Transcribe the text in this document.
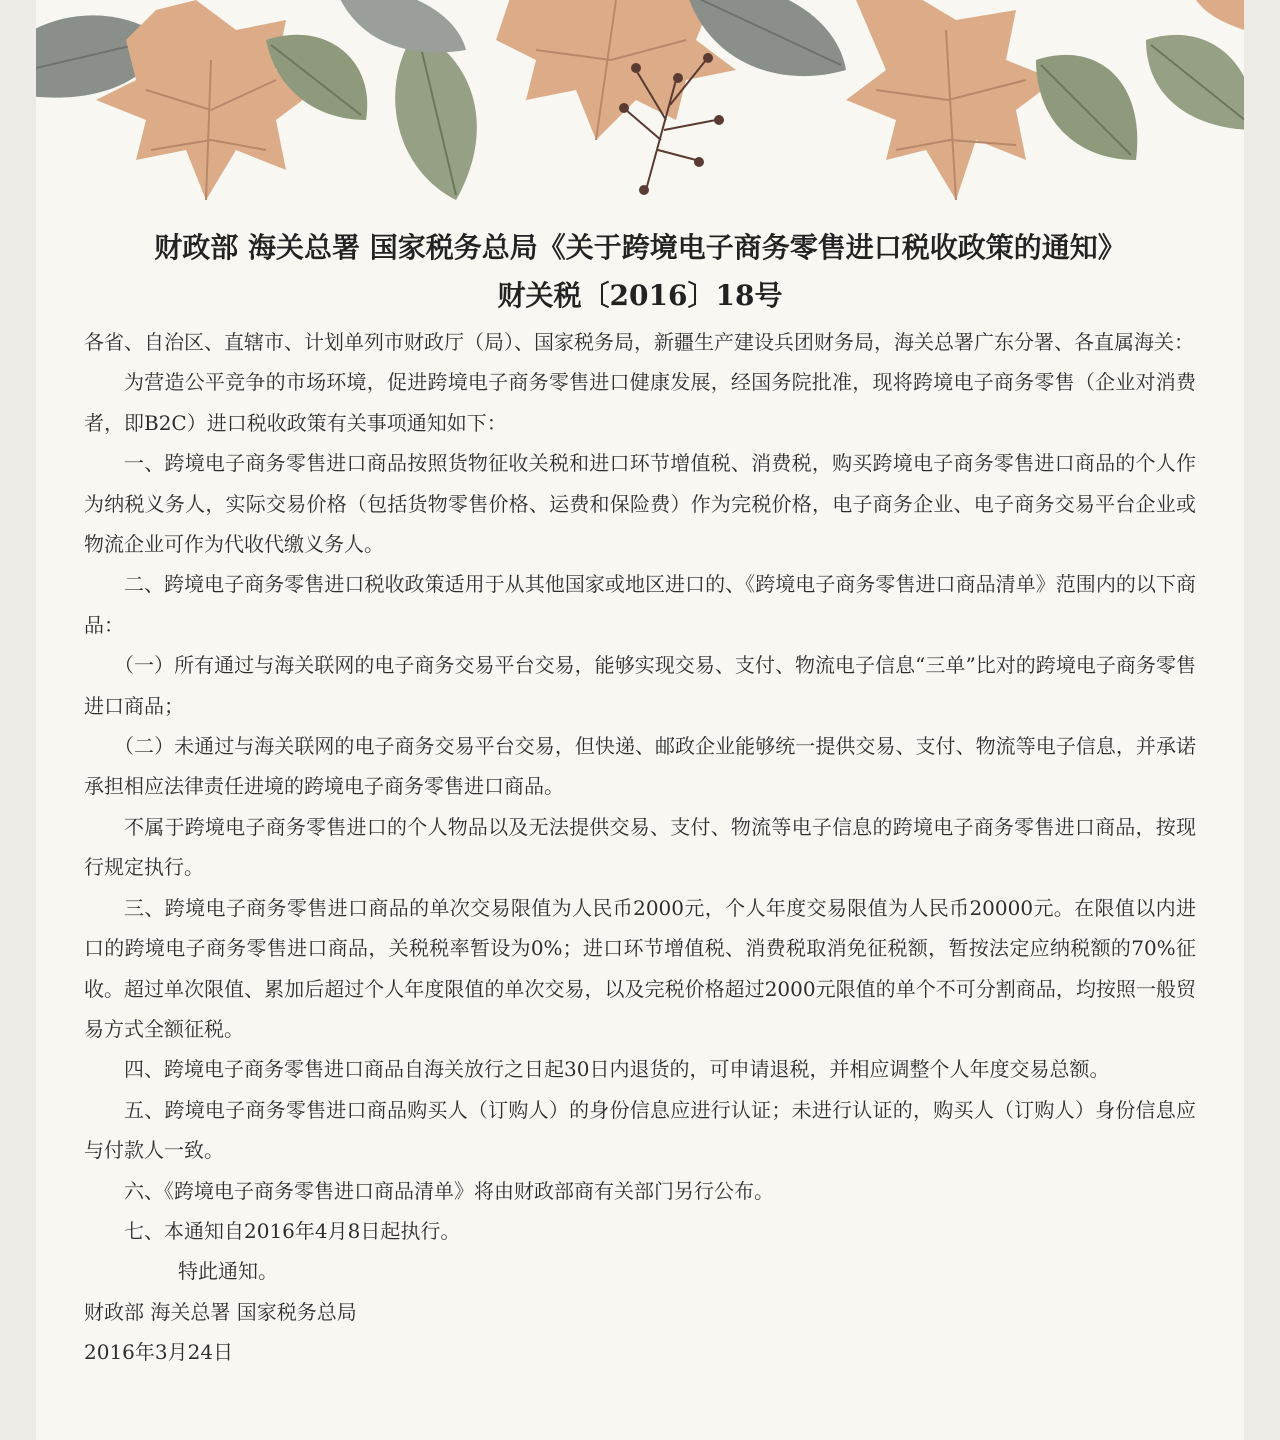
财政部 海关总署 国家税务总局《关于跨境电子商务零售进口税收政策的通知》
财关税〔2016〕18号

各省、自治区、直辖市、计划单列市财政厅（局）、国家税务局，新疆生产建设兵团财务局，海关总署广东分署、各直属海关：

为营造公平竞争的市场环境，促进跨境电子商务零售进口健康发展，经国务院批准，现将跨境电子商务零售（企业对消费者，即B2C）进口税收政策有关事项通知如下：

一、跨境电子商务零售进口商品按照货物征收关税和进口环节增值税、消费税，购买跨境电子商务零售进口商品的个人作为纳税义务人，实际交易价格（包括货物零售价格、运费和保险费）作为完税价格，电子商务企业、电子商务交易平台企业或物流企业可作为代收代缴义务人。

二、跨境电子商务零售进口税收政策适用于从其他国家或地区进口的、《跨境电子商务零售进口商品清单》范围内的以下商品：

（一）所有通过与海关联网的电子商务交易平台交易，能够实现交易、支付、物流电子信息“三单”比对的跨境电子商务零售进口商品；

（二）未通过与海关联网的电子商务交易平台交易，但快递、邮政企业能够统一提供交易、支付、物流等电子信息，并承诺承担相应法律责任进境的跨境电子商务零售进口商品。

不属于跨境电子商务零售进口的个人物品以及无法提供交易、支付、物流等电子信息的跨境电子商务零售进口商品，按现行规定执行。

三、跨境电子商务零售进口商品的单次交易限值为人民币2000元，个人年度交易限值为人民币20000元。在限值以内进口的跨境电子商务零售进口商品，关税税率暂设为0%；进口环节增值税、消费税取消免征税额，暂按法定应纳税额的70%征收。超过单次限值、累加后超过个人年度限值的单次交易，以及完税价格超过2000元限值的单个不可分割商品，均按照一般贸易方式全额征税。

四、跨境电子商务零售进口商品自海关放行之日起30日内退货的，可申请退税，并相应调整个人年度交易总额。

五、跨境电子商务零售进口商品购买人（订购人）的身份信息应进行认证；未进行认证的，购买人（订购人）身份信息应与付款人一致。

六、《跨境电子商务零售进口商品清单》将由财政部商有关部门另行公布。

七、本通知自2016年4月8日起执行。

特此通知。

财政部 海关总署 国家税务总局

2016年3月24日
